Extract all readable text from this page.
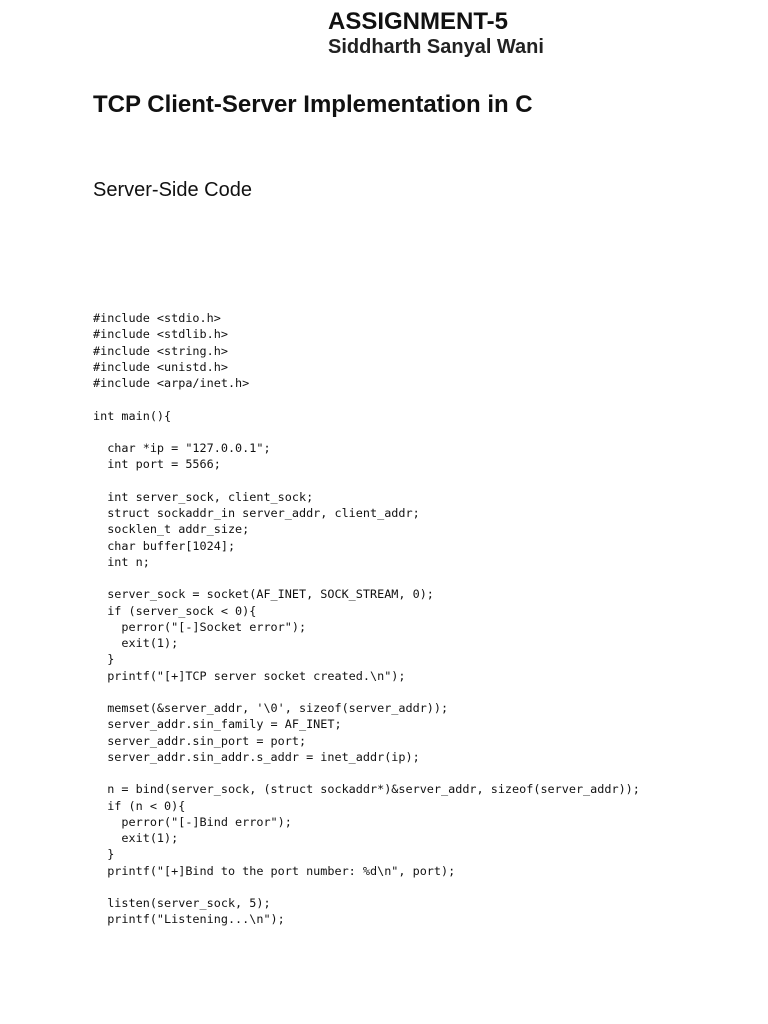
ASSIGNMENT-5
Siddharth Sanyal Wani
TCP Client-Server Implementation in C
Server-Side Code
#include <stdio.h>
#include <stdlib.h>
#include <string.h>
#include <unistd.h>
#include <arpa/inet.h>

int main(){

char *ip = "127.0.0.1";
int port = 5566;

int server_sock, client_sock;
struct sockaddr_in server_addr, client_addr;
socklen_t addr_size;
char buffer[1024];
int n;

server_sock = socket(AF_INET, SOCK_STREAM, 0);
if (server_sock < 0){
perror("[-]Socket error");
exit(1);
}
printf("[+]TCP server socket created.\n");

memset(&server_addr, '\0', sizeof(server_addr));
server_addr.sin_family = AF_INET;
server_addr.sin_port = port;
server_addr.sin_addr.s_addr = inet_addr(ip);

n = bind(server_sock, (struct sockaddr*)&server_addr, sizeof(server_addr));
if (n < 0){
perror("[-]Bind error");
exit(1);
}
printf("[+]Bind to the port number: %d\n", port);

listen(server_sock, 5);
printf("Listening...\n");
